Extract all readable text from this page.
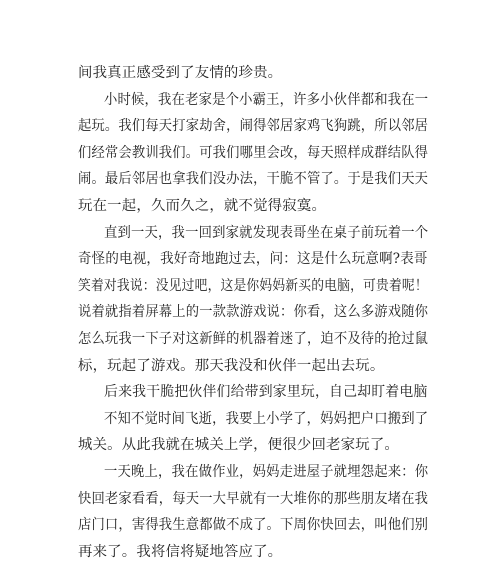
间我真正感受到了友情的珍贵。
小时候，我在老家是个小霸王，许多小伙伴都和我在一
起玩。我们每天打家劫舍，闹得邻居家鸡飞狗跳，所以邻居
们经常会教训我们。可我们哪里会改，每天照样成群结队得
闹。最后邻居也拿我们没办法，干脆不管了。于是我们天天
玩在一起，久而久之，就不觉得寂寞。
直到一天，我一回到家就发现表哥坐在桌子前玩着一个
奇怪的电视，我好奇地跑过去，问：这是什么玩意啊?表哥
笑着对我说：没见过吧，这是你妈妈新买的电脑，可贵着呢！
说着就指着屏幕上的一款款游戏说：你看，这么多游戏随你
怎么玩我一下子对这新鲜的机器着迷了，迫不及待的抢过鼠
标，玩起了游戏。那天我没和伙伴一起出去玩。
后来我干脆把伙伴们给带到家里玩，自己却盯着电脑
不知不觉时间飞逝，我要上小学了，妈妈把户口搬到了
城关。从此我就在城关上学，便很少回老家玩了。
一天晚上，我在做作业，妈妈走进屋子就埋怨起来：你
快回老家看看，每天一大早就有一大堆你的那些朋友堵在我
店门口，害得我生意都做不成了。下周你快回去，叫他们别
再来了。我将信将疑地答应了。
